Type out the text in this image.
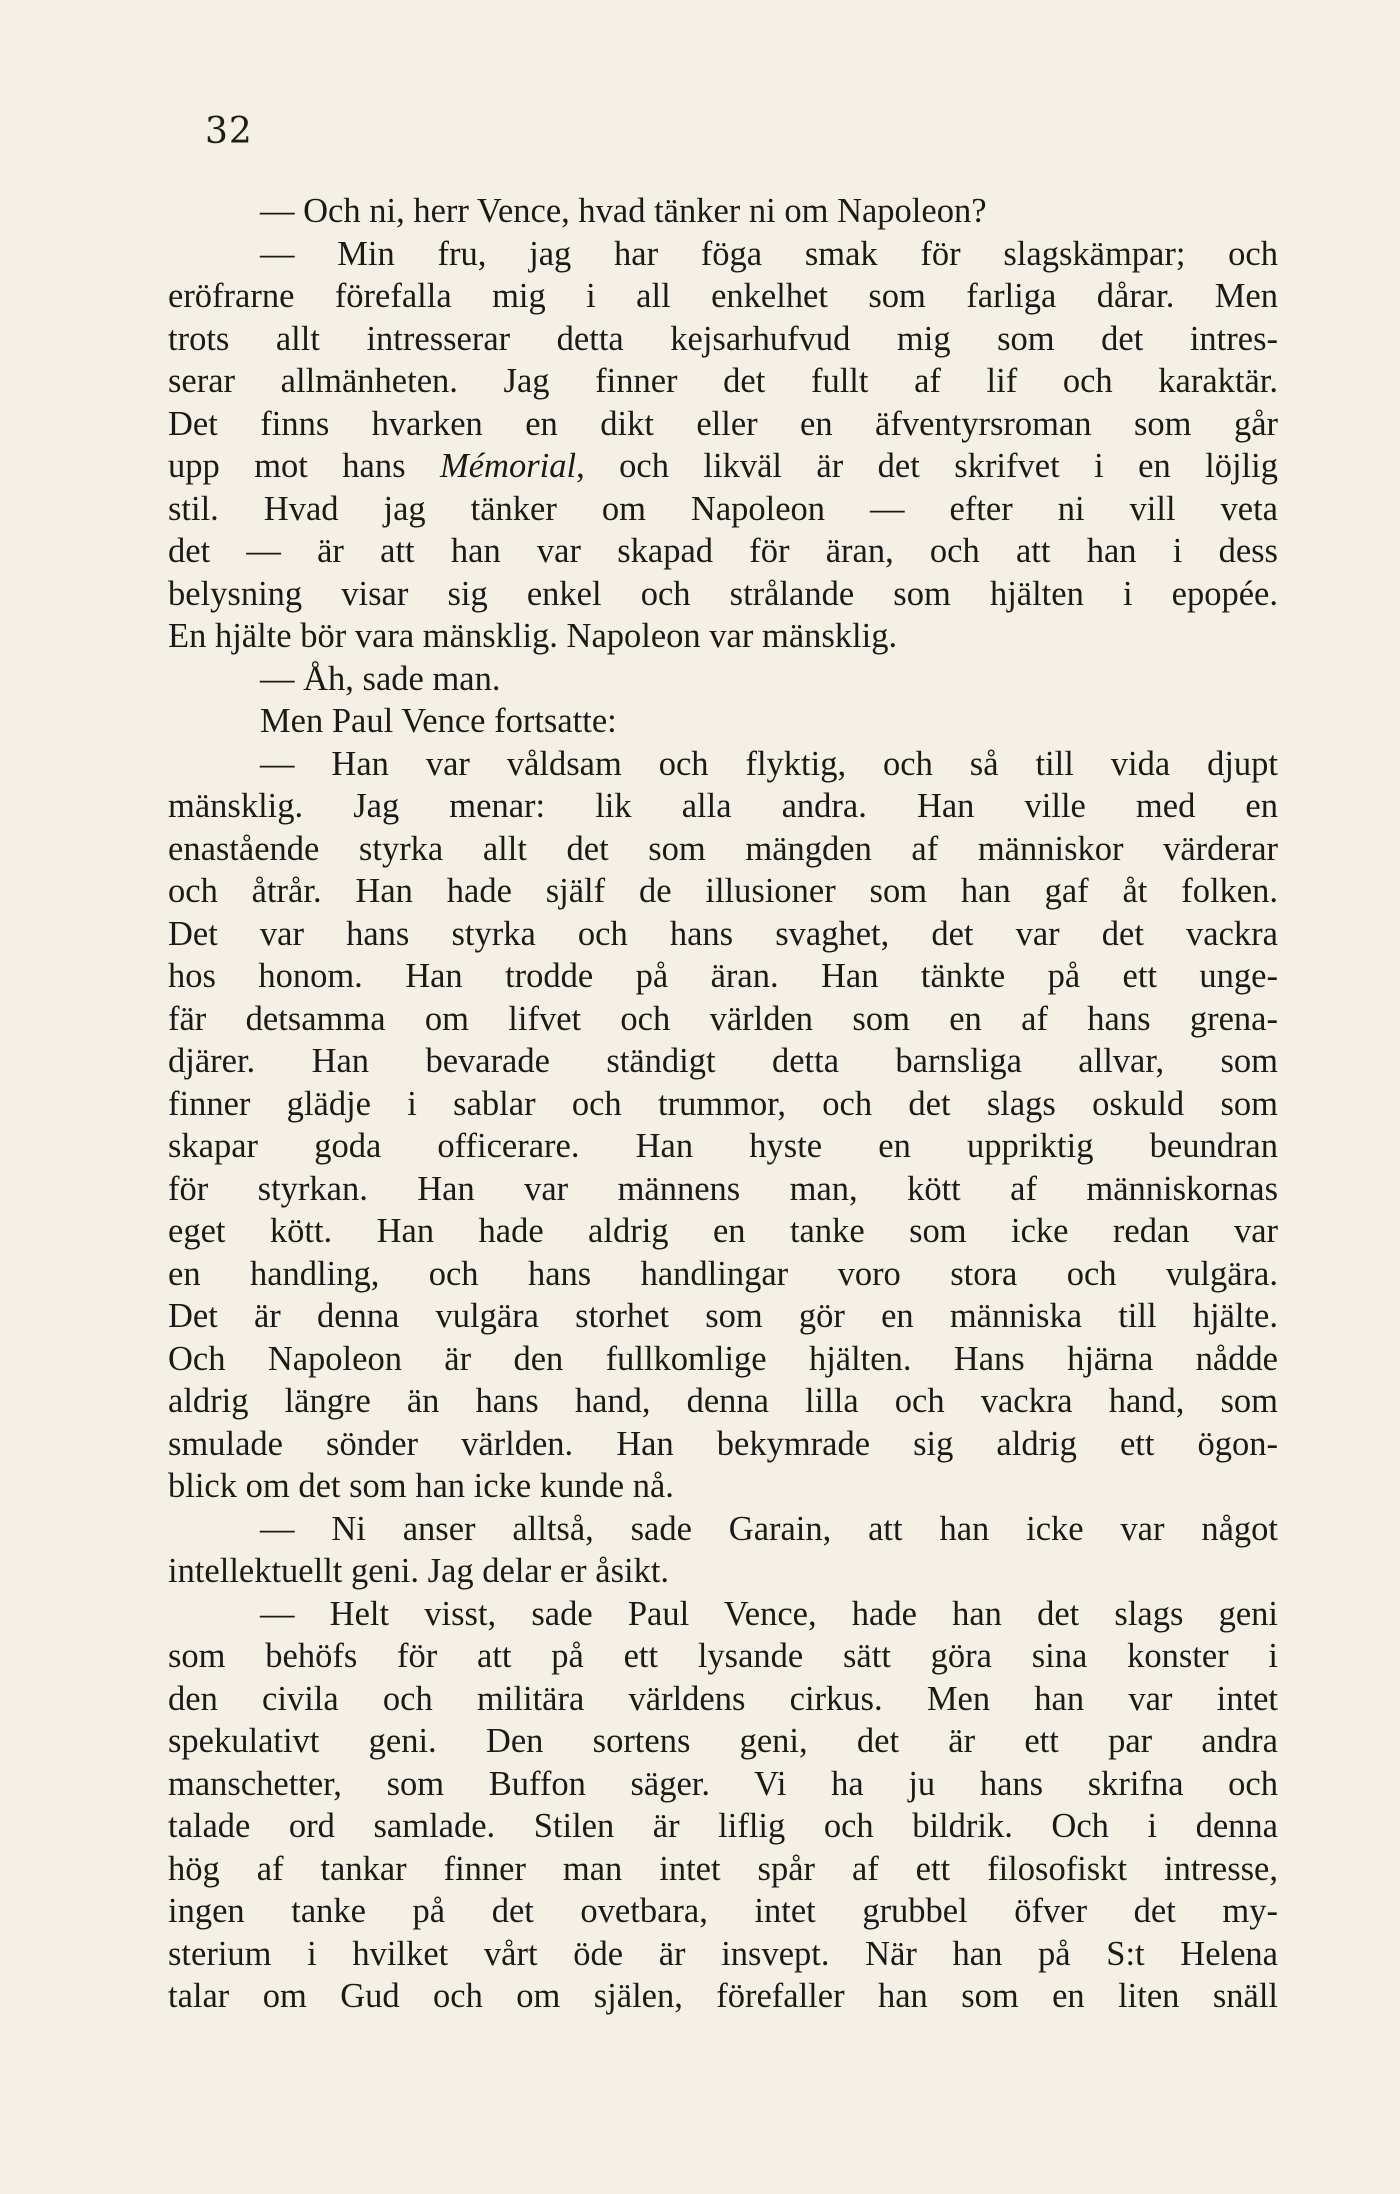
32
— Och ni, herr Vence, hvad tänker ni om Napoleon?
— Min fru, jag har föga smak för slagskämpar; och
eröfrarne förefalla mig i all enkelhet som farliga dårar. Men
trots allt intresserar detta kejsarhufvud mig som det intres-
serar allmänheten. Jag finner det fullt af lif och karaktär.
Det finns hvarken en dikt eller en äfventyrsroman som går
upp mot hans Mémorial, och likväl är det skrifvet i en löjlig
stil. Hvad jag tänker om Napoleon — efter ni vill veta
det — är att han var skapad för äran, och att han i dess
belysning visar sig enkel och strålande som hjälten i epopée.
En hjälte bör vara mänsklig. Napoleon var mänsklig.
— Åh, sade man.
Men Paul Vence fortsatte:
— Han var våldsam och flyktig, och så till vida djupt
mänsklig. Jag menar: lik alla andra. Han ville med en
enastående styrka allt det som mängden af människor värderar
och åtrår. Han hade själf de illusioner som han gaf åt folken.
Det var hans styrka och hans svaghet, det var det vackra
hos honom. Han trodde på äran. Han tänkte på ett unge-
fär detsamma om lifvet och världen som en af hans grena-
djärer. Han bevarade ständigt detta barnsliga allvar, som
finner glädje i sablar och trummor, och det slags oskuld som
skapar goda officerare. Han hyste en uppriktig beundran
för styrkan. Han var männens man, kött af människornas
eget kött. Han hade aldrig en tanke som icke redan var
en handling, och hans handlingar voro stora och vulgära.
Det är denna vulgära storhet som gör en människa till hjälte.
Och Napoleon är den fullkomlige hjälten. Hans hjärna nådde
aldrig längre än hans hand, denna lilla och vackra hand, som
smulade sönder världen. Han bekymrade sig aldrig ett ögon-
blick om det som han icke kunde nå.
— Ni anser alltså, sade Garain, att han icke var något
intellektuellt geni. Jag delar er åsikt.
— Helt visst, sade Paul Vence, hade han det slags geni
som behöfs för att på ett lysande sätt göra sina konster i
den civila och militära världens cirkus. Men han var intet
spekulativt geni. Den sortens geni, det är ett par andra
manschetter, som Buffon säger. Vi ha ju hans skrifna och
talade ord samlade. Stilen är liflig och bildrik. Och i denna
hög af tankar finner man intet spår af ett filosofiskt intresse,
ingen tanke på det ovetbara, intet grubbel öfver det my-
sterium i hvilket vårt öde är insvept. När han på S:t Helena
talar om Gud och om själen, förefaller han som en liten snäll
